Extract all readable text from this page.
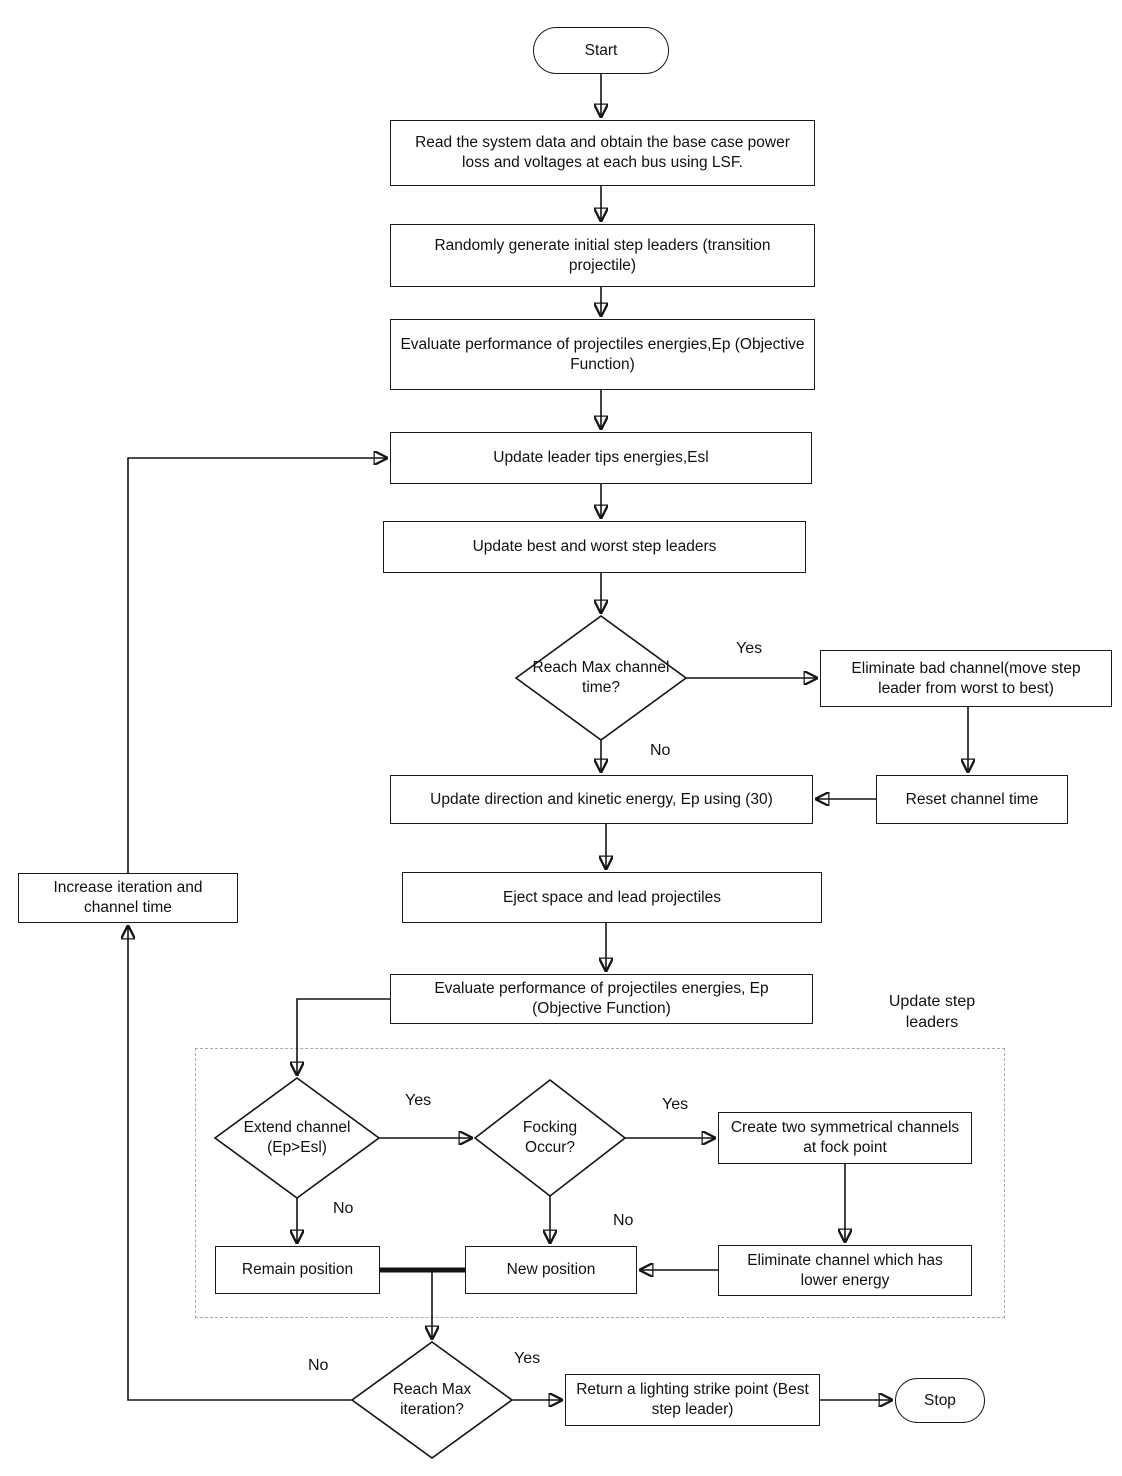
Update step leaders
Start
Stop
Read the system data and obtain the base case power loss and voltages at each bus using LSF.
Randomly generate initial step leaders (transition projectile)
Evaluate performance of projectiles energies,Ep (Objective Function)
Update leader tips energies,Esl
Update best and worst step leaders
Eliminate bad channel(move step leader from worst to best)
Reset channel time
Update direction and kinetic energy, Ep using (30)
Eject space and lead projectiles
Evaluate performance of projectiles energies, Ep (Objective Function)
Increase iteration and channel time
Create two symmetrical channels at fock point
Remain position	New position
Eliminate channel which has lower energy
Return a lighting strike point (Best step leader)
Reach Max channel time?
Extend channel (Ep>Esl)
Focking Occur?
Reach Max iteration?
Yes
No
Yes
No
Yes
No
Yes
No
